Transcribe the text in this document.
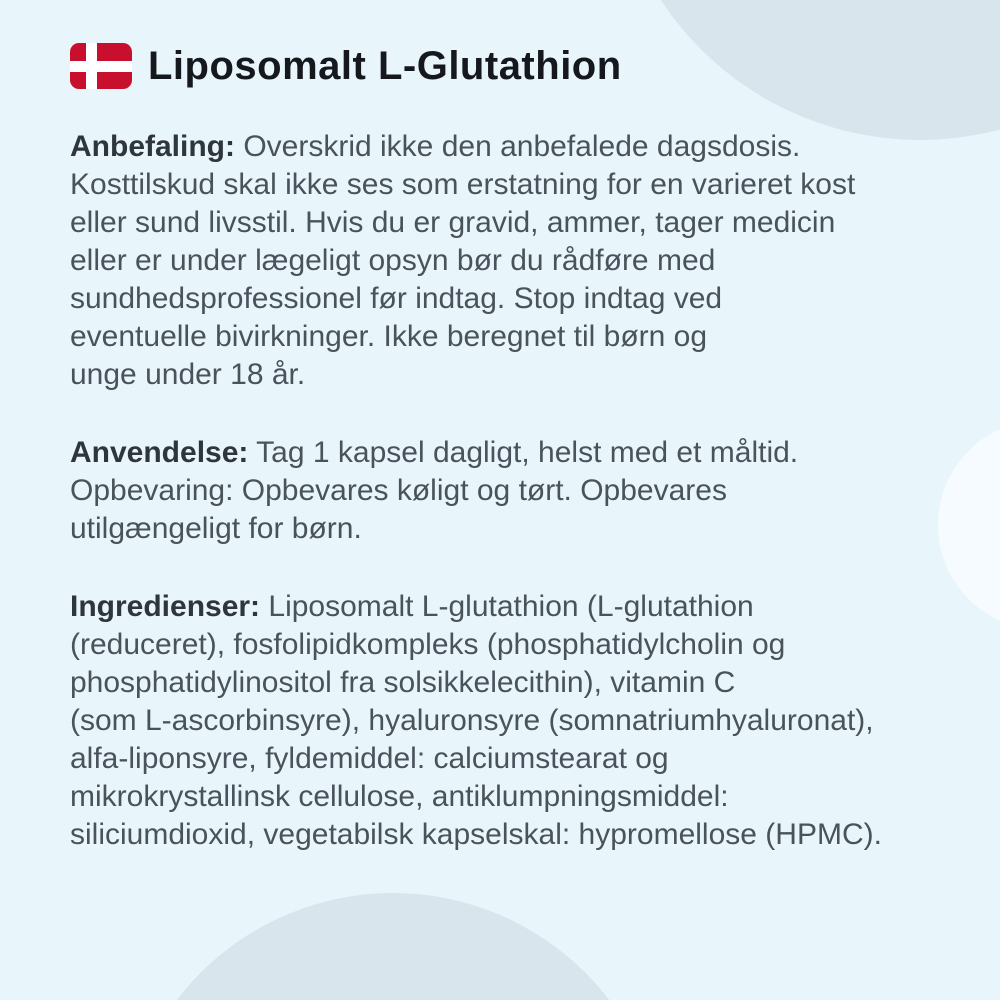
Liposomalt L-Glutathion
Anbefaling: Overskrid ikke den anbefalede dagsdosis.
Kosttilskud skal ikke ses som erstatning for en varieret kost
eller sund livsstil. Hvis du er gravid, ammer, tager medicin
eller er under lægeligt opsyn bør du rådføre med
sundhedsprofessionel før indtag. Stop indtag ved
eventuelle bivirkninger. Ikke beregnet til børn og
unge under 18 år.
Anvendelse: Tag 1 kapsel dagligt, helst med et måltid.
Opbevaring: Opbevares køligt og tørt. Opbevares
utilgængeligt for børn.
Ingredienser: Liposomalt L-glutathion (L-glutathion
(reduceret), fosfolipidkompleks (phosphatidylcholin og
phosphatidylinositol fra solsikkelecithin), vitamin C
(som L-ascorbinsyre), hyaluronsyre (somnatriumhyaluronat),
alfa-liponsyre, fyldemiddel: calciumstearat og
mikrokrystallinsk cellulose, antiklumpningsmiddel:
siliciumdioxid, vegetabilsk kapselskal: hypromellose (HPMC).
